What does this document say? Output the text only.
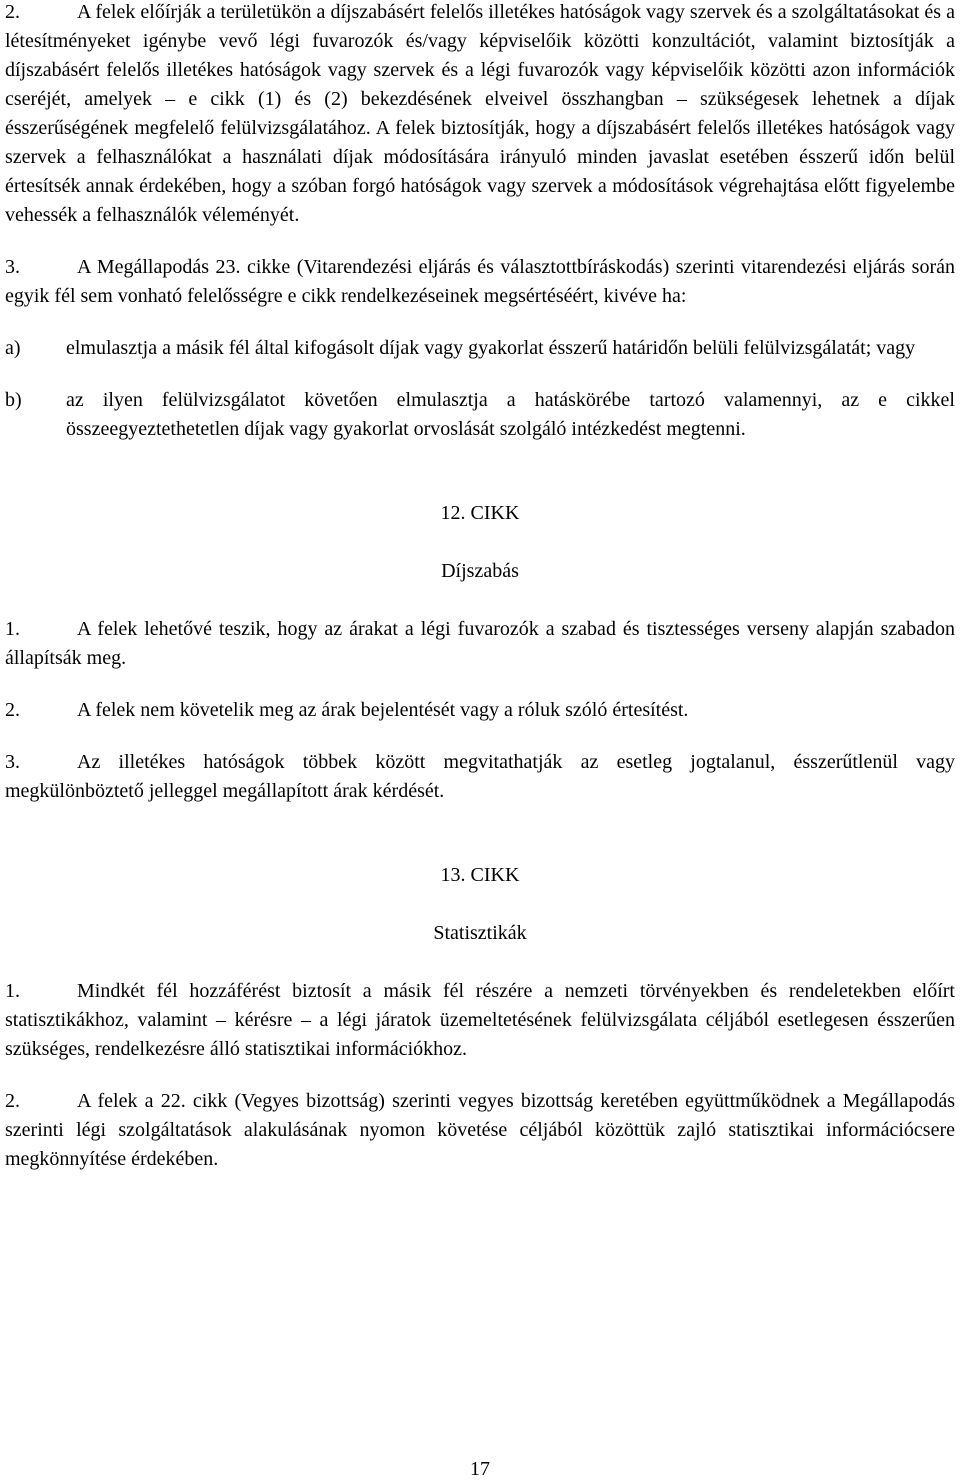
2.	A felek előírják a területükön a díjszabásért felelős illetékes hatóságok vagy szervek és a szolgáltatásokat és a létesítményeket igénybe vevő légi fuvarozók és/vagy képviselőik közötti konzultációt, valamint biztosítják a díjszabásért felelős illetékes hatóságok vagy szervek és a légi fuvarozók vagy képviselőik közötti azon információk cseréjét, amelyek – e cikk (1) és (2) bekezdésének elveivel összhangban – szükségesek lehetnek a díjak ésszerűségének megfelelő felülvizsgálatához. A felek biztosítják, hogy a díjszabásért felelős illetékes hatóságok vagy szervek a felhasználókat a használati díjak módosítására irányuló minden javaslat esetében ésszerű időn belül értesítsék annak érdekében, hogy a szóban forgó hatóságok vagy szervek a módosítások végrehajtása előtt figyelembe vehessék a felhasználók véleményét.

3.	A Megállapodás 23. cikke (Vitarendezési eljárás és választottbíráskodás) szerinti vitarendezési eljárás során egyik fél sem vonható felelősségre e cikk rendelkezéseinek megsértéséért, kivéve ha:

a)	elmulasztja a másik fél által kifogásolt díjak vagy gyakorlat ésszerű határidőn belüli felülvizsgálatát; vagy
b)	az ilyen felülvizsgálatot követően elmulasztja a hatáskörébe tartozó valamennyi, az e cikkel összeegyeztethetetlen díjak vagy gyakorlat orvoslását szolgáló intézkedést megtenni.
12. CIKK
Díjszabás

1.	A felek lehetővé teszik, hogy az árakat a légi fuvarozók a szabad és tisztességes verseny alapján szabadon állapítsák meg.

2.	A felek nem követelik meg az árak bejelentését vagy a róluk szóló értesítést.

3.	Az illetékes hatóságok többek között megvitathatják az esetleg jogtalanul, ésszerűtlenül vagy megkülönböztető jelleggel megállapított árak kérdését.

13. CIKK
Statisztikák

1.	Mindkét fél hozzáférést biztosít a másik fél részére a nemzeti törvényekben és rendeletekben előírt statisztikákhoz, valamint – kérésre – a légi járatok üzemeltetésének felülvizsgálata céljából esetlegesen ésszerűen szükséges, rendelkezésre álló statisztikai információkhoz.

2.	A felek a 22. cikk (Vegyes bizottság) szerinti vegyes bizottság keretében együttműködnek a Megállapodás szerinti légi szolgáltatások alakulásának nyomon követése céljából közöttük zajló statisztikai információcsere megkönnyítése érdekében.

17
